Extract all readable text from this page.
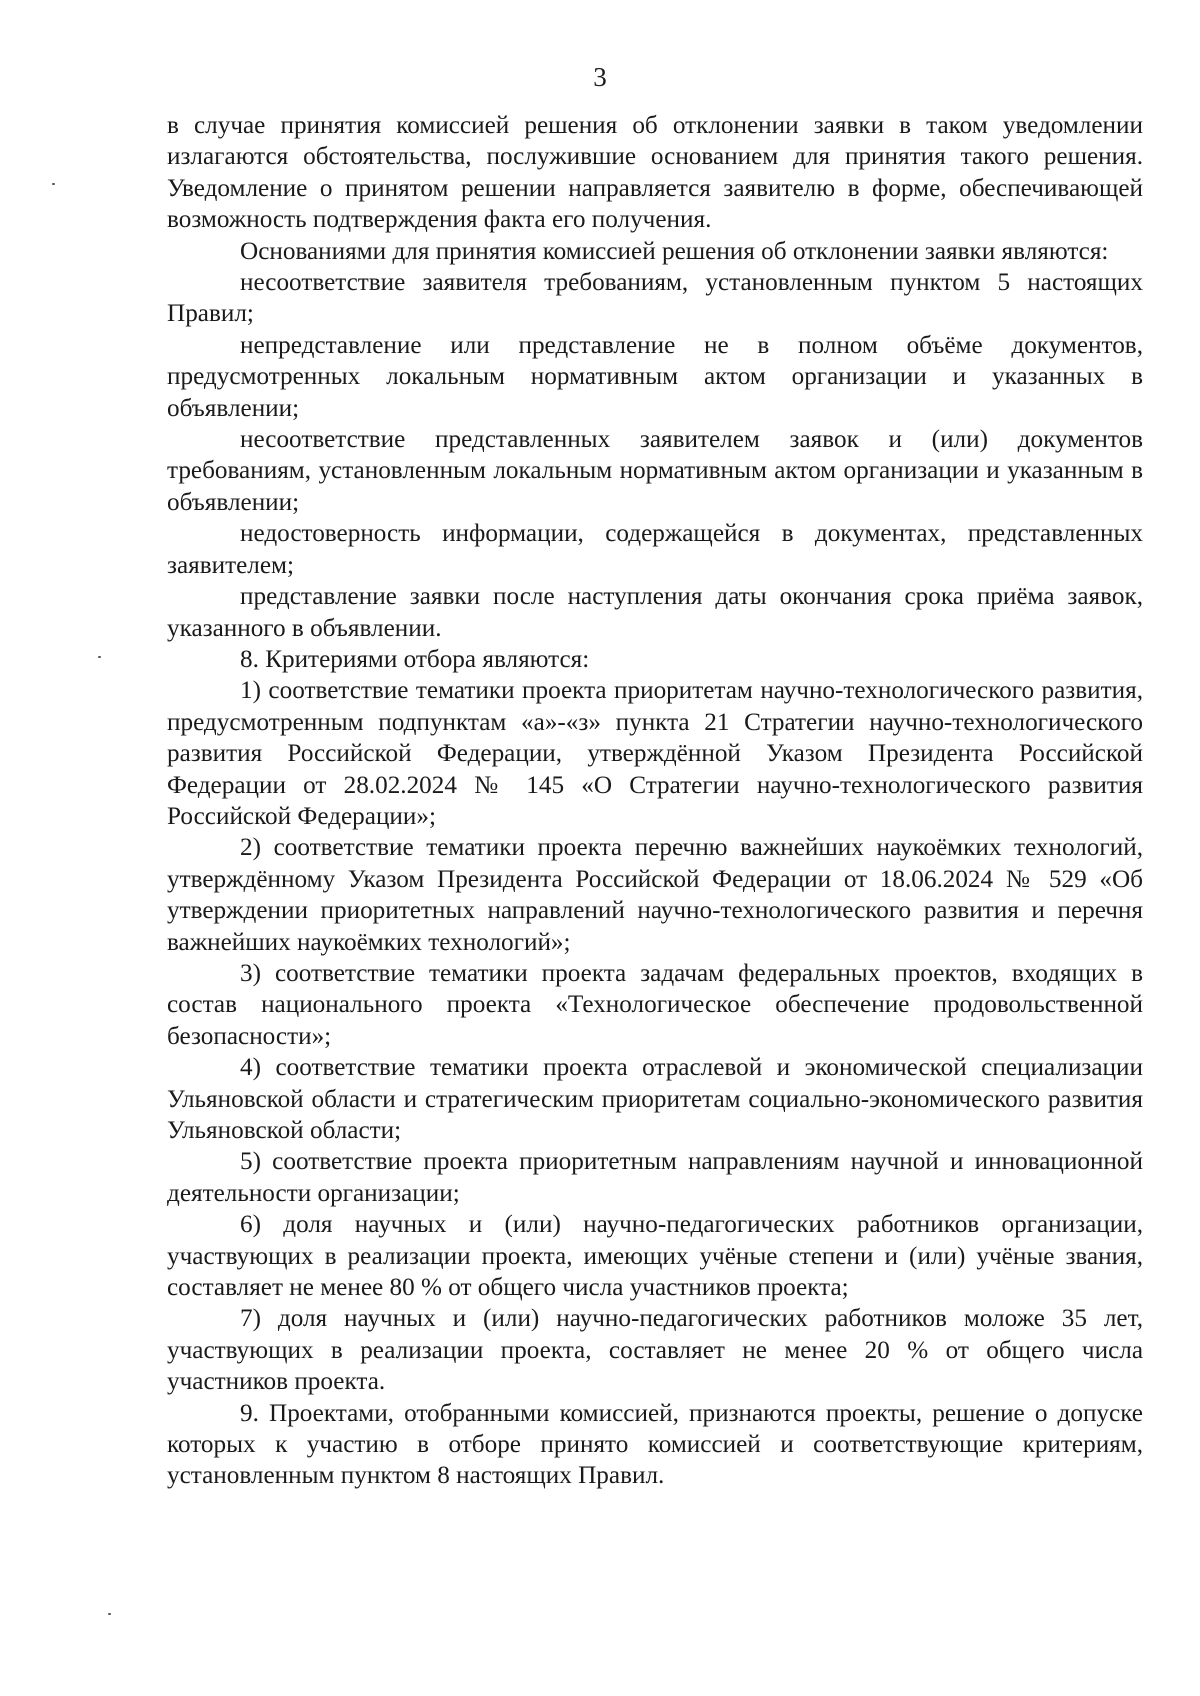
3

в случае принятия комиссией решения об отклонении заявки в таком уведомлении излагаются обстоятельства, послужившие основанием для принятия такого решения. Уведомление о принятом решении направляется заявителю в форме, обеспечивающей возможность подтверждения факта его получения.

Основаниями для принятия комиссией решения об отклонении заявки являются:

несоответствие заявителя требованиям, установленным пунктом 5 настоящих Правил;

непредставление или представление не в полном объёме документов, предусмотренных локальным нормативным актом организации и указанных в объявлении;

несоответствие представленных заявителем заявок и (или) документов требованиям, установленным локальным нормативным актом организации и указанным в объявлении;

недостоверность информации, содержащейся в документах, представленных заявителем;

представление заявки после наступления даты окончания срока приёма заявок, указанного в объявлении.

8. Критериями отбора являются:

1) соответствие тематики проекта приоритетам научно-технологического развития, предусмотренным подпунктам «а»-«з» пункта 21 Стратегии научно-технологического развития Российской Федерации, утверждённой Указом Президента Российской Федерации от 28.02.2024 № 145 «О Стратегии научно-технологического развития Российской Федерации»;

2) соответствие тематики проекта перечню важнейших наукоёмких технологий, утверждённому Указом Президента Российской Федерации от 18.06.2024 № 529 «Об утверждении приоритетных направлений научно-технологического развития и перечня важнейших наукоёмких технологий»;

3) соответствие тематики проекта задачам федеральных проектов, входящих в состав национального проекта «Технологическое обеспечение продовольственной безопасности»;

4) соответствие тематики проекта отраслевой и экономической специализации Ульяновской области и стратегическим приоритетам социально-экономического развития Ульяновской области;

5) соответствие проекта приоритетным направлениям научной и инновационной деятельности организации;

6) доля научных и (или) научно-педагогических работников организации, участвующих в реализации проекта, имеющих учёные степени и (или) учёные звания, составляет не менее 80 % от общего числа участников проекта;

7) доля научных и (или) научно-педагогических работников моложе 35 лет, участвующих в реализации проекта, составляет не менее 20 % от общего числа участников проекта.

9. Проектами, отобранными комиссией, признаются проекты, решение о допуске которых к участию в отборе принято комиссией и соответствующие критериям, установленным пунктом 8 настоящих Правил.
